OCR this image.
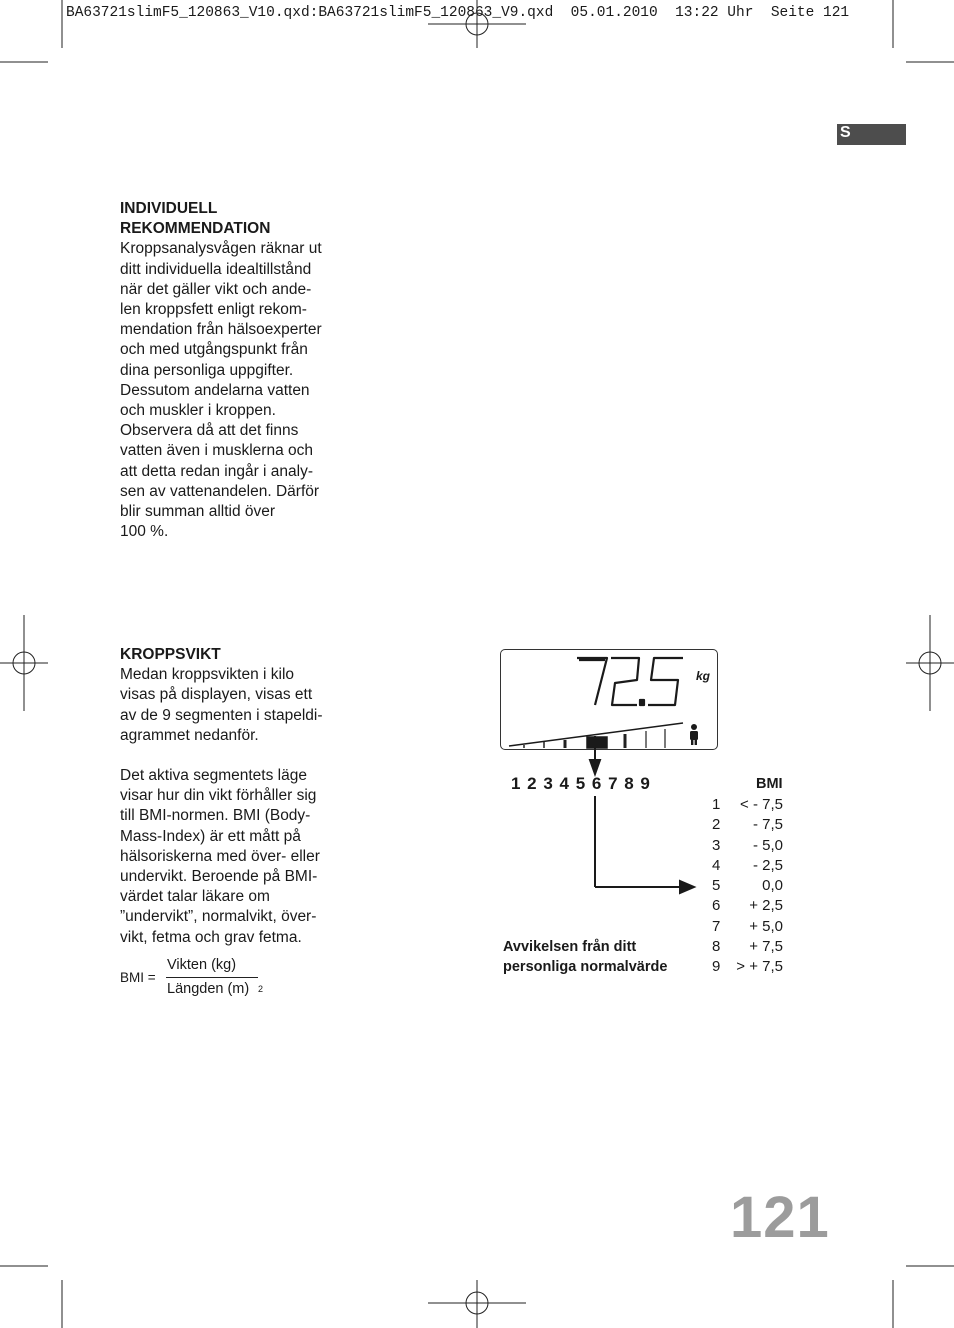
BA63721slimF5_120863_V10.qxd:BA63721slimF5_120863_V9.qxd  05.01.2010  13:22 Uhr  Seite 121
S

INDIVIDUELL

REKOMMENDATION

Kroppsanalysvågen räknar ut

ditt individuella idealtillstånd

när det gäller vikt och ande-

len kroppsfett enligt rekom-

mendation från hälsoexperter

och med utgångspunkt från

dina personliga uppgifter.

Dessutom andelarna vatten

och muskler i kroppen.

Observera då att det finns

vatten även i musklerna och

att detta redan ingår i analy-

sen av vattenandelen. Därför

blir summan alltid över

100 %.

KROPPSVIKT

Medan kroppsvikten i kilo

visas på displayen, visas ett

av de 9 segmenten i stapeldi-

agrammet nedanför.

Det aktiva segmentets läge

visar hur din vikt förhåller sig

till BMI-normen. BMI (Body-

Mass-Index) är ett mått på

hälsoriskerna med över- eller

undervikt. Beroende på BMI-

värdet talar läkare om

”undervikt”, normalvikt, över-

vikt, fetma och grav fetma.

BMI =
Vikten (kg)
Längden (m) 2
kg
1 2 3 4 5 6 7 8 9	BMI
1	< - 7,5
2	- 7,5
3	- 5,0
4	- 2,5
5	0,0
6	+ 2,5
7	+ 5,0
8	+ 7,5
9	> + 7,5
Avvikelsen från ditt
personliga normalvärde
121
